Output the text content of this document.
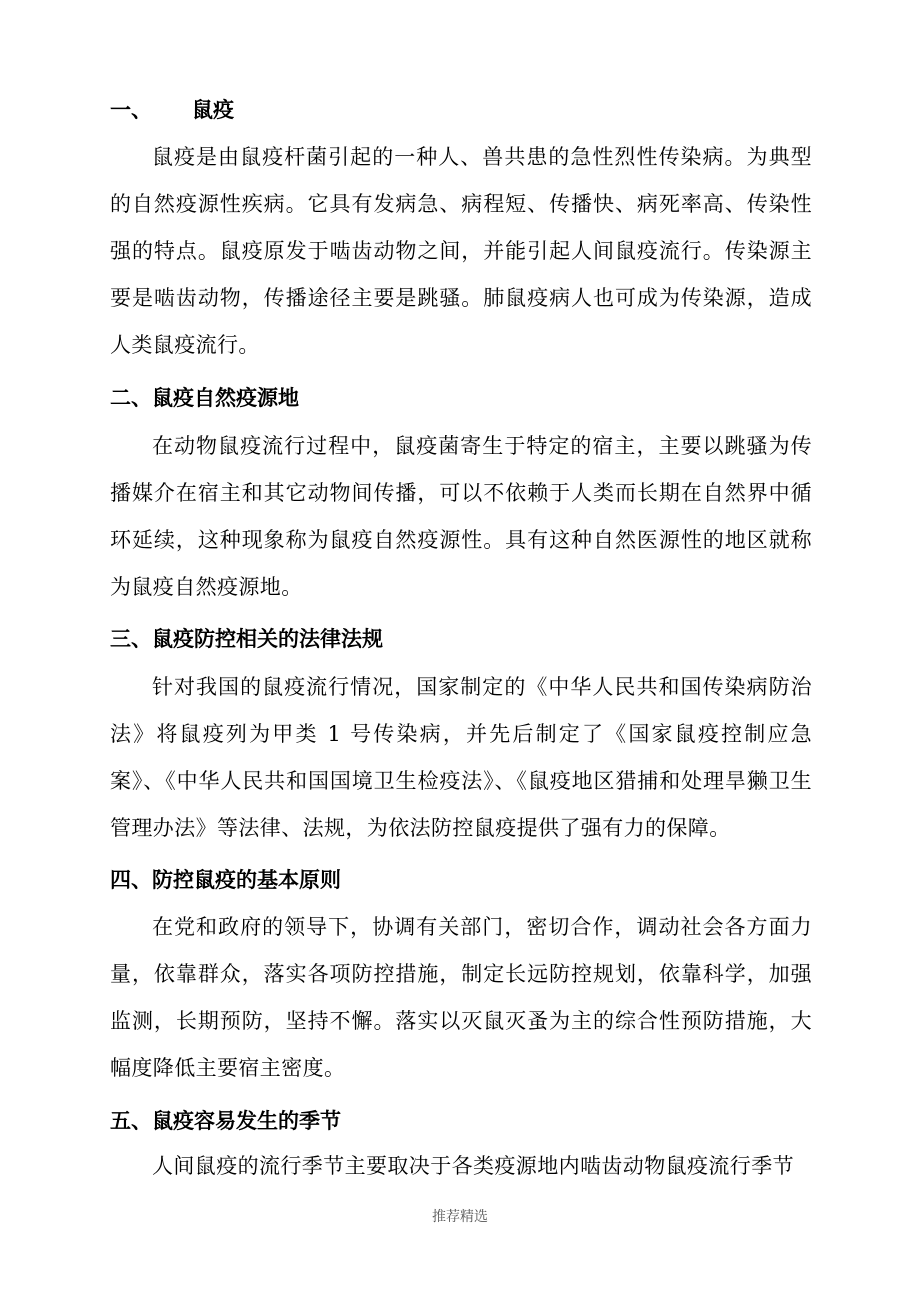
一、 鼠疫

鼠疫是由鼠疫杆菌引起的一种人、兽共患的急性烈性传染病。为典型的自然疫源性疾病。它具有发病急、病程短、传播快、病死率高、传染性强的特点。鼠疫原发于啮齿动物之间，并能引起人间鼠疫流行。传染源主要是啮齿动物，传播途径主要是跳骚。肺鼠疫病人也可成为传染源，造成人类鼠疫流行。

二、鼠疫自然疫源地

在动物鼠疫流行过程中，鼠疫菌寄生于特定的宿主，主要以跳骚为传播媒介在宿主和其它动物间传播，可以不依赖于人类而长期在自然界中循环延续，这种现象称为鼠疫自然疫源性。具有这种自然医源性的地区就称为鼠疫自然疫源地。

三、鼠疫防控相关的法律法规

针对我国的鼠疫流行情况，国家制定的《中华人民共和国传染病防治法》将鼠疫列为甲类 1 号传染病，并先后制定了《国家鼠疫控制应急案》、《中华人民共和国国境卫生检疫法》、《鼠疫地区猎捕和处理旱獭卫生管理办法》等法律、法规，为依法防控鼠疫提供了强有力的保障。

四、防控鼠疫的基本原则

在党和政府的领导下，协调有关部门，密切合作，调动社会各方面力量，依靠群众，落实各项防控措施，制定长远防控规划，依靠科学，加强监测，长期预防，坚持不懈。落实以灭鼠灭蚤为主的综合性预防措施，大幅度降低主要宿主密度。

五、鼠疫容易发生的季节

人间鼠疫的流行季节主要取决于各类疫源地内啮齿动物鼠疫流行季节

推荐精选
